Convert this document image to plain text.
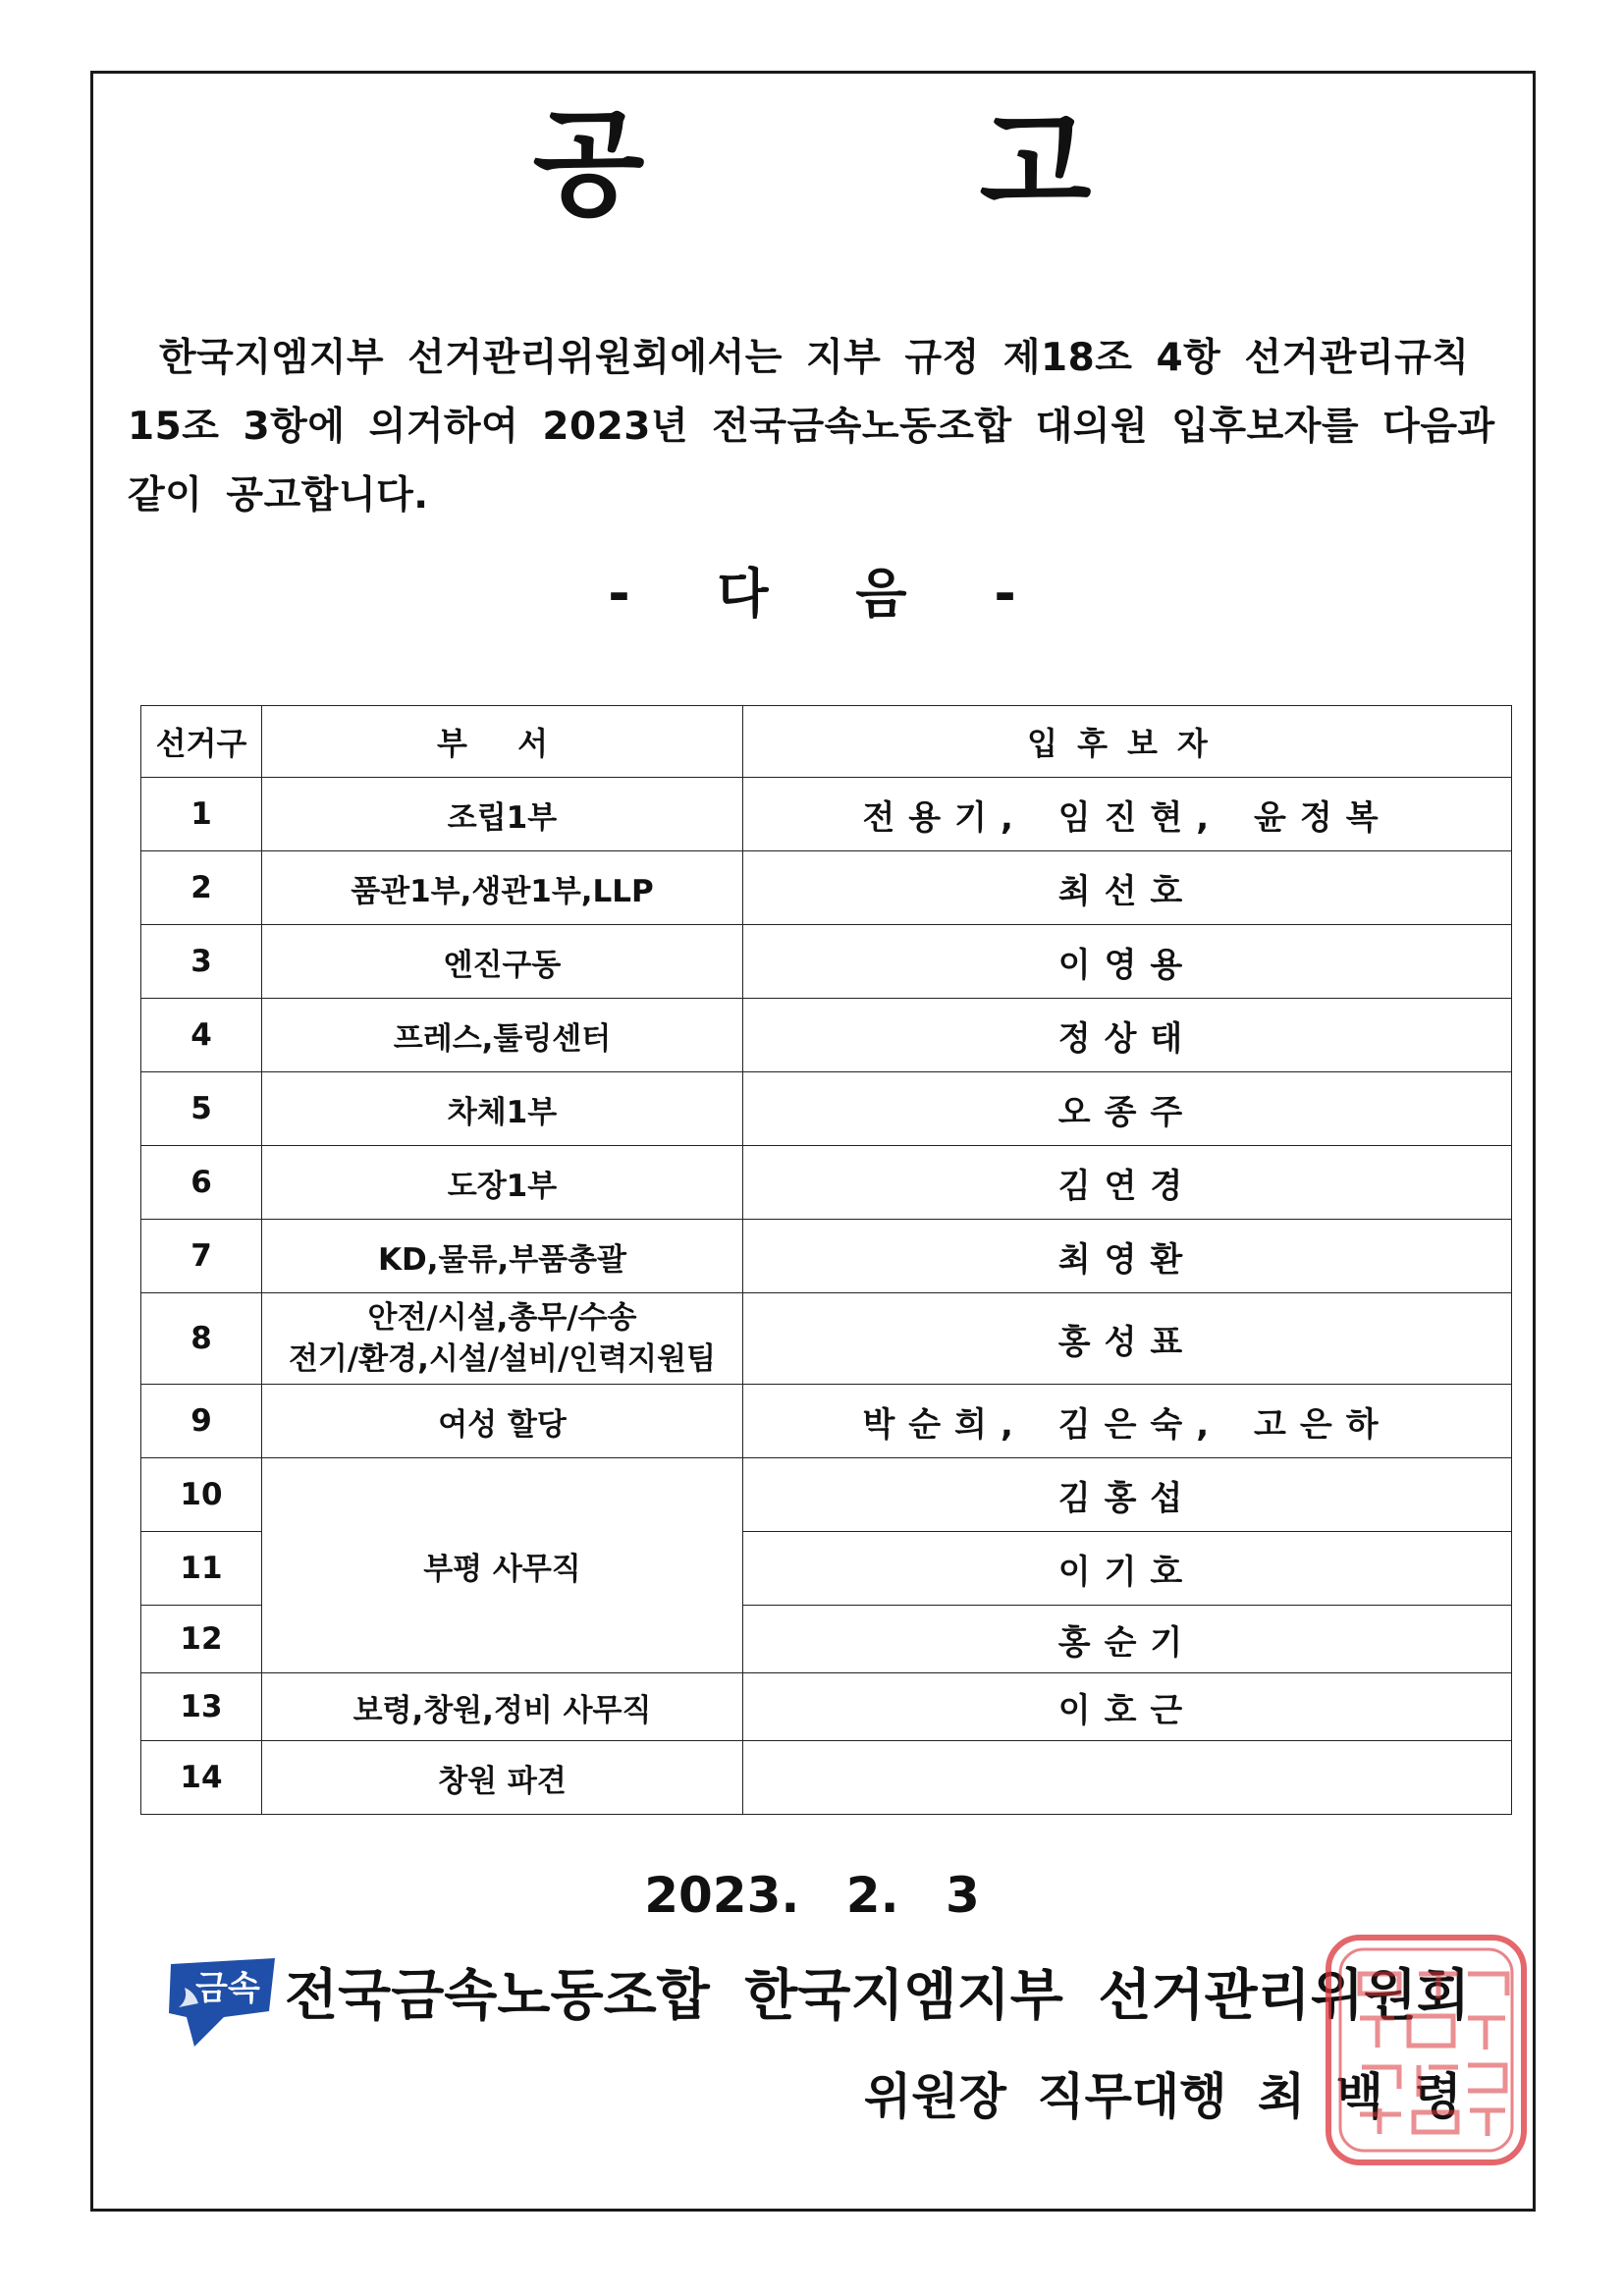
공 고
한국지엠지부 선거관리위원회에서는 지부 규정 제18조 4항 선거관리규칙 15조 3항에 의거하여 2023년 전국금속노동조합 대의원 입후보자를 다음과 같이 공고합니다.
- 다 음 -
선거구	부 서	입후보자
1	조립1부	전용기, 임진현, 윤정복
2	품관1부,생관1부,LLP	최선호
3	엔진구동	이영용
4	프레스,툴링센터	정상태
5	차체1부	오종주
6	도장1부	김연경
7	KD,물류,부품총괄	최영환
8	안전/시설,총무/수송
전기/환경,시설/설비/인력지원팀	홍성표
9	여성 할당	박순희, 김은숙, 고은하
10	부평 사무직	김홍섭
11		이기호
12		홍순기
13	보령,창원,정비 사무직	이호근
14	창원 파견	
2023. 2. 3
금속 전국금속노동조합 한국지엠지부 선거관리위원회
위원장 직무대행 최 백 령
